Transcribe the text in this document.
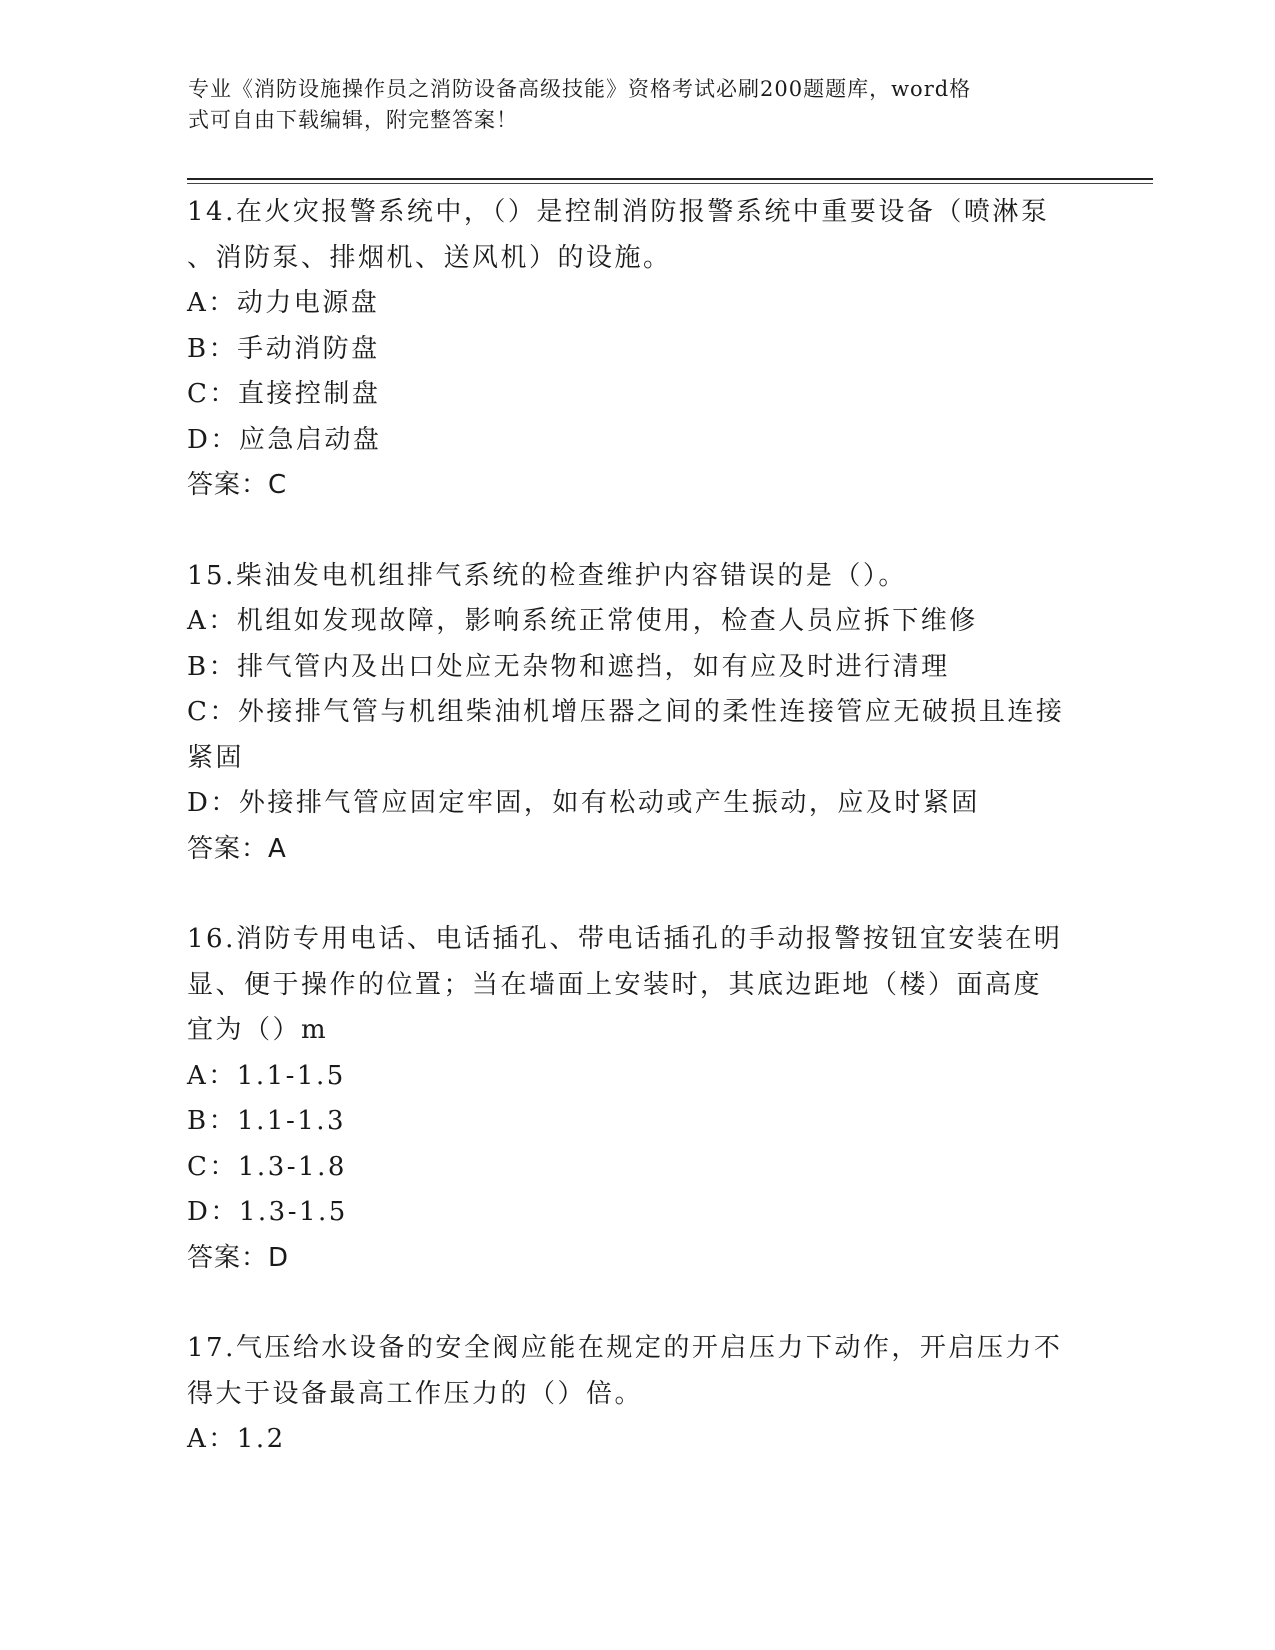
专业《消防设施操作员之消防设备高级技能》资格考试必刷200题题库，word格
式可自由下载编辑，附完整答案！
14.在火灾报警系统中，（）是控制消防报警系统中重要设备（喷淋泵
、消防泵、排烟机、送风机）的设施。
A：动力电源盘
B：手动消防盘
C：直接控制盘
D：应急启动盘
答案：C
15.柴油发电机组排气系统的检查维护内容错误的是（）。
A：机组如发现故障，影响系统正常使用，检查人员应拆下维修
B：排气管内及出口处应无杂物和遮挡，如有应及时进行清理
C：外接排气管与机组柴油机增压器之间的柔性连接管应无破损且连接
紧固
D：外接排气管应固定牢固，如有松动或产生振动，应及时紧固
答案：A
16.消防专用电话、电话插孔、带电话插孔的手动报警按钮宜安装在明
显、便于操作的位置；当在墙面上安装时，其底边距地（楼）面高度
宜为（）m
A：1.1-1.5
B：1.1-1.3
C：1.3-1.8
D：1.3-1.5
答案：D
17.气压给水设备的安全阀应能在规定的开启压力下动作，开启压力不
得大于设备最高工作压力的（）倍。
A：1.2
